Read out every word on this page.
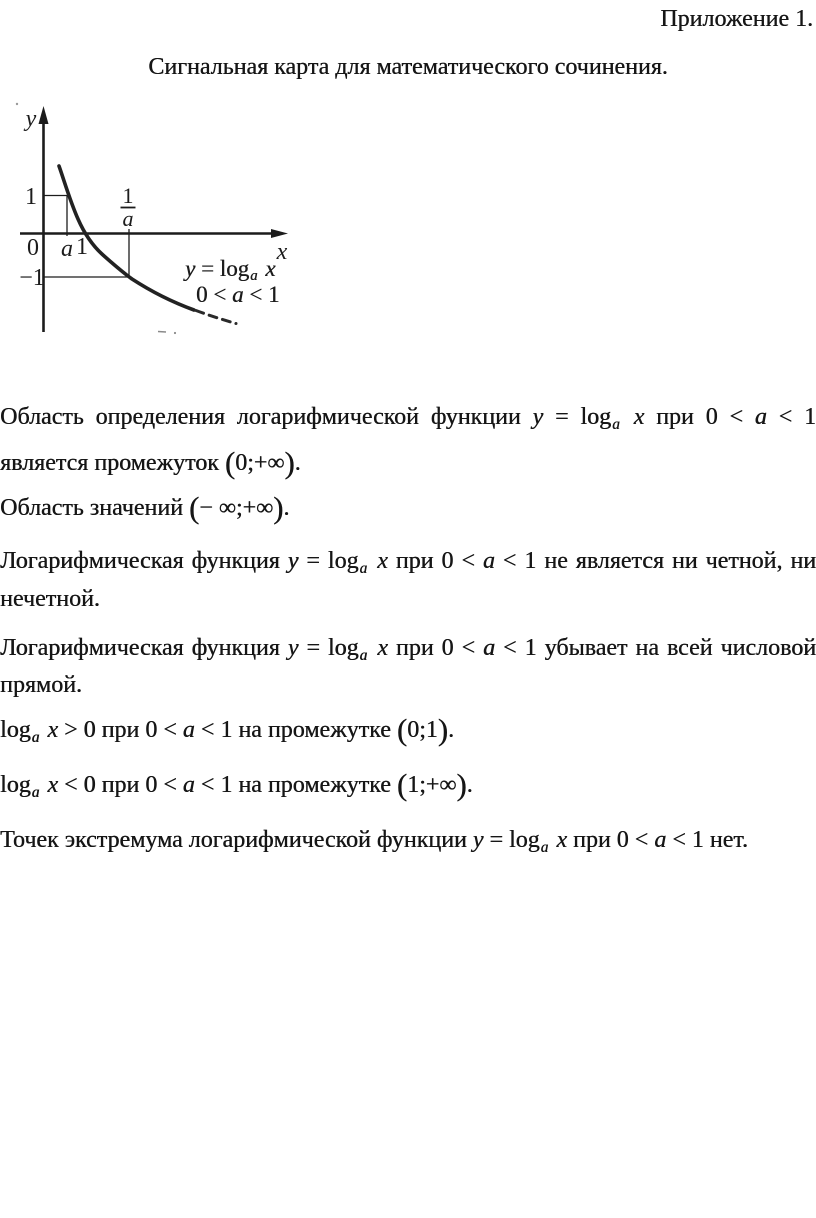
Приложение 1.
Сигнальная карта для математического сочинения.
y
x
0 a 1
1
−1
1
a
y = loga x
0 < a < 1
Область определения логарифмической функции y = loga x при 0 < a < 1
является промежуток (0;+∞).
Область значений (− ∞;+∞).
Логарифмическая функция y = loga x при 0 < a < 1 не является ни четной, ни
нечетной.
Логарифмическая функция y = loga x при 0 < a < 1 убывает на всей числовой
прямой.
loga x > 0 при 0 < a < 1 на промежутке (0;1).
loga x < 0 при 0 < a < 1 на промежутке (1;+∞).
Точек экстремума логарифмической функции y = loga x при 0 < a < 1 нет.
